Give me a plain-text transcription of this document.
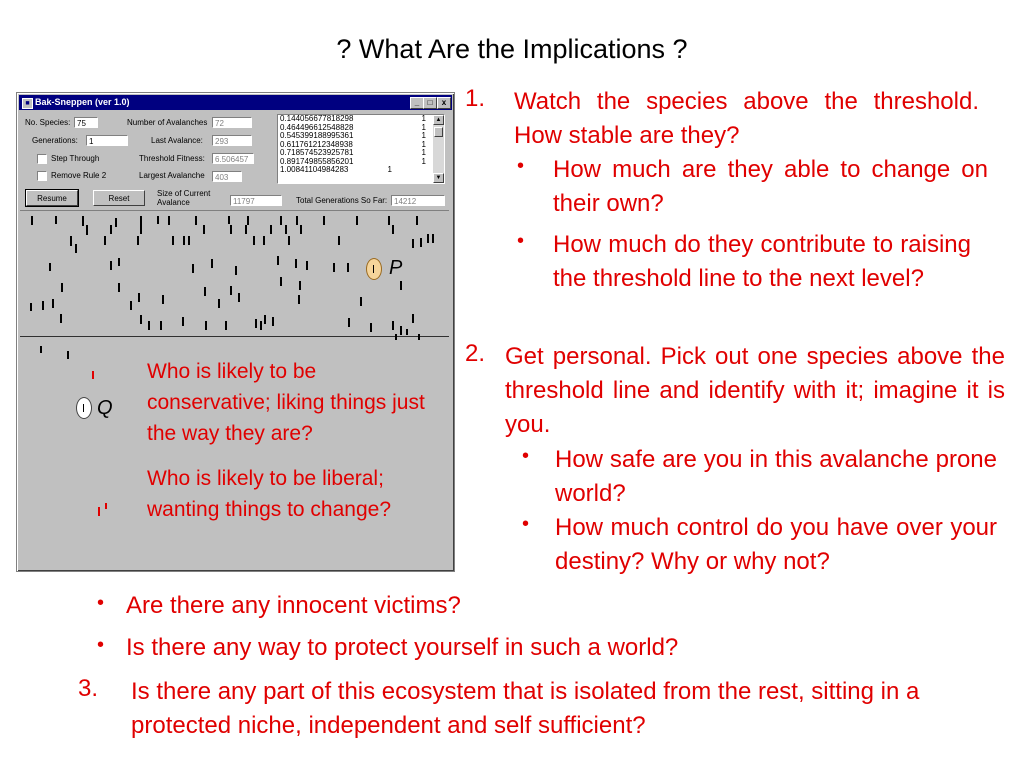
? What Are the Implications ?
■ Bak-Sneppen (ver 1.0)	_	□	x
No. Species: 75
Generations:	1
Step Through
Remove Rule 2
Number of Avalanches 72
Last Avalance:	293
Threshold Fitness:	6.506457
Largest Avalanche	403
0.144056677818298	1
0.464496612548828	1
0.545399188995361	1
0.611761212348938	1
0.718574523925781	1
0.891749855856201	1
1.00841104984283	1
▲
▼
Resume	Reset
Size of Current
Avalance	11797	Total Generations So Far: 14212
P
Q
Who is likely to be conservative; liking things just the way they are?
Who is likely to be liberal; wanting things to change?
1. Watch the species above the threshold. How stable are they?
• How much are they able to change on their own?
• How much do they contribute to raising the threshold line to the next level?
2. Get personal. Pick out one species above the threshold line and identify with it; imagine it is you.
• How safe are you in this avalanche prone world?
• How much control do you have over your destiny? Why or why not?
• Are there any innocent victims?
• Is there any way to protect yourself in such a world?
3. Is there any part of this ecosystem that is isolated from the rest, sitting in a protected niche, independent and self sufficient?
